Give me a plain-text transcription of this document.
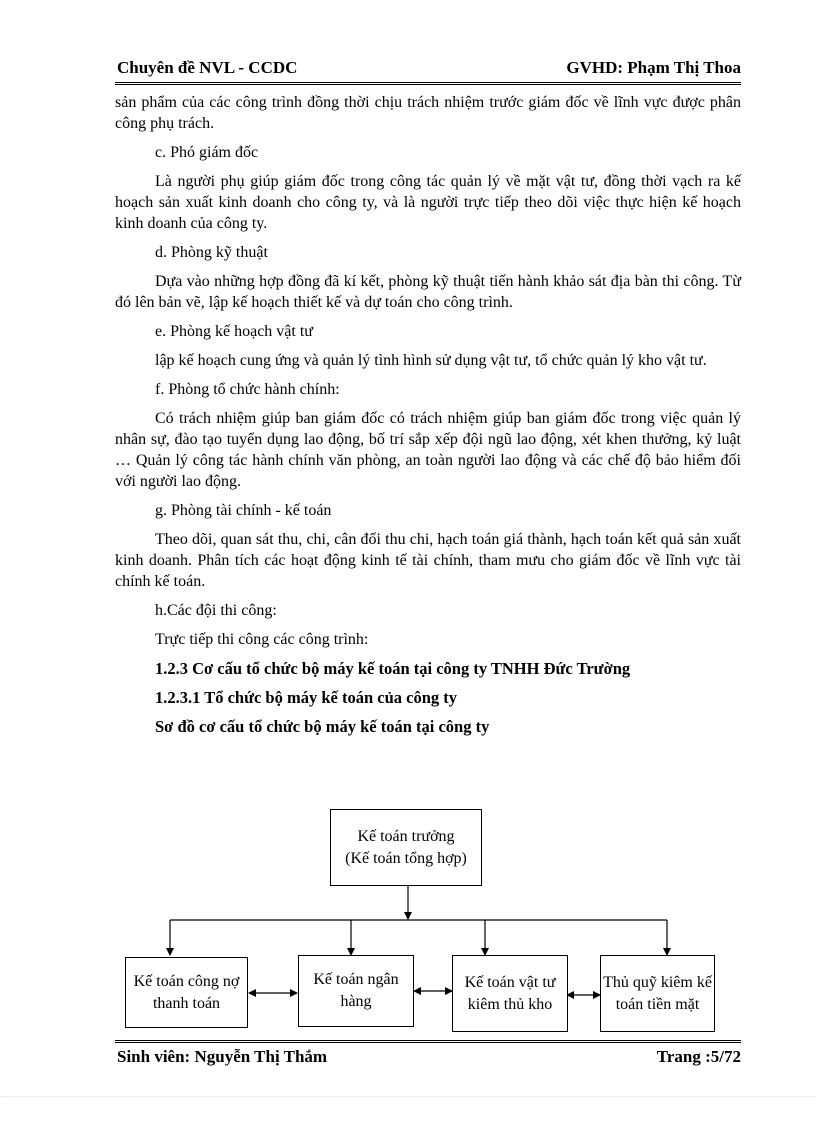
Chuyên đề NVL - CCDC	GVHD: Phạm Thị Thoa

sản phẩm của các công trình đồng thời chịu trách nhiệm trước giám đốc về lĩnh vực được phân công phụ trách.

c. Phó giám đốc

Là người phụ giúp giám đốc trong công tác quản lý về mặt vật tư, đồng thời vạch ra kế hoạch sản xuất kinh doanh cho công ty, và là người trực tiếp theo dõi việc thực hiện kế hoạch kinh doanh của công ty.

d. Phòng kỹ thuật

Dựa vào những hợp đồng đã kí kết, phòng kỹ thuật tiến hành khảo sát địa bàn thi công. Từ đó lên bản vẽ, lập kế hoạch thiết kế và dự toán cho công trình.

e. Phòng kế hoạch vật tư

lập kế hoạch cung ứng và quản lý tình hình sử dụng vật tư, tổ chức quản lý kho vật tư.

f. Phòng tổ chức hành chính:

Có trách nhiệm giúp ban giám đốc có trách nhiệm giúp ban giám đốc trong việc quản lý nhân sự, đào tạo tuyển dụng lao động, bố trí sắp xếp đội ngũ lao động, xét khen thưởng, kỷ luật … Quản lý công tác hành chính văn phòng, an toàn người lao động và các chế độ bảo hiểm đối với người lao động.

g. Phòng tài chính - kế toán

Theo dõi, quan sát thu, chi, cân đối thu chi, hạch toán giá thành, hạch toán kết quả sản xuất kinh doanh. Phân tích các hoạt động kinh tế tài chính, tham mưu cho giám đốc về lĩnh vực tài chính kế toán.

h.Các đội thi công:

Trực tiếp thi công các công trình:

1.2.3 Cơ cấu tổ chức bộ máy kế toán tại công ty TNHH Đức Trường

1.2.3.1 Tổ chức bộ máy kế toán của công ty

Sơ đồ cơ cấu tổ chức bộ máy kế toán tại công ty

Kế toán trưởng
(Kế toán tổng hợp)
Kế toán công nợ thanh toán
Kế toán ngân hàng
Kế toán vật tư kiêm thủ kho
Thủ quỹ kiêm kế toán tiền mặt
Sinh viên: Nguyễn Thị Thắm	Trang :5/72
